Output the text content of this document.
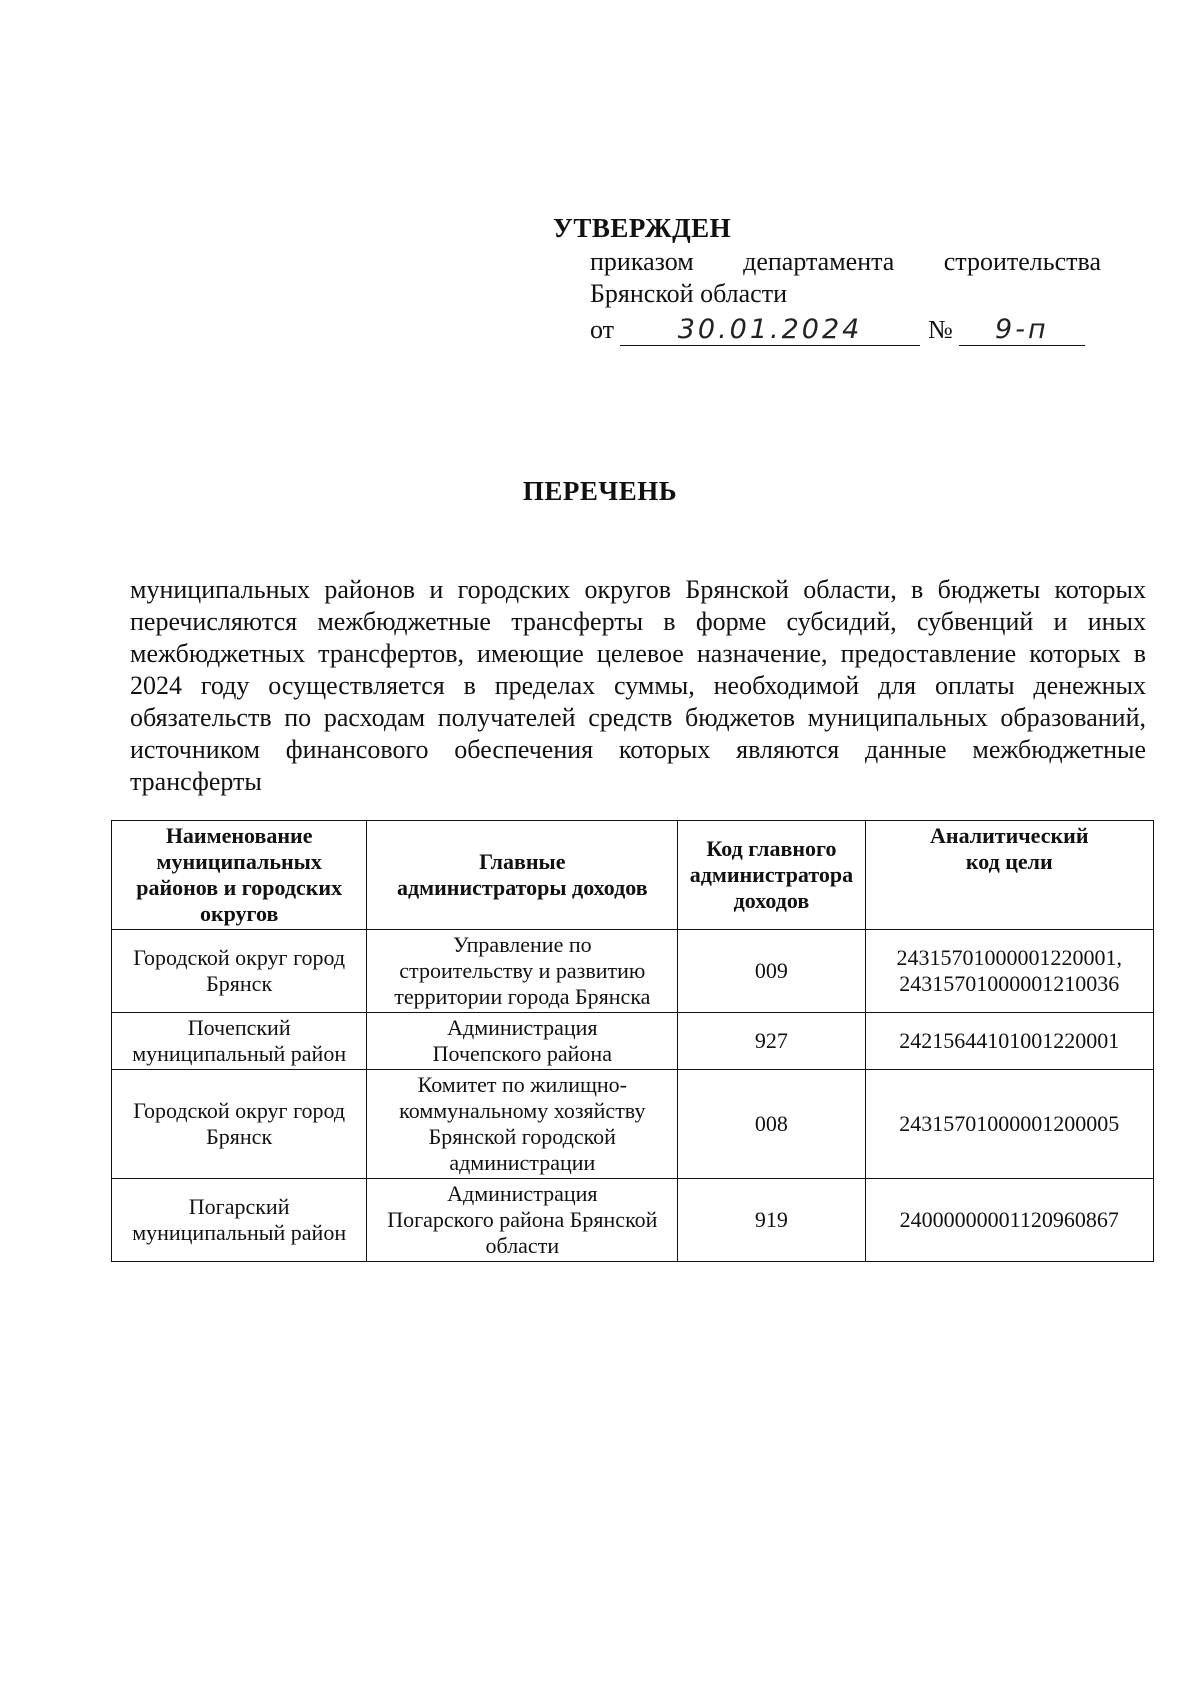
УТВЕРЖДЕН
приказом департамента строительства
Брянской области
от	30.01.2024	№	9-п
ПЕРЕЧЕНЬ
муниципальных районов и городских округов Брянской области, в бюджеты которых перечисляются межбюджетные трансферты в форме субсидий, субвенций и иных межбюджетных трансфертов, имеющие целевое назначение, предоставление которых в 2024 году осуществляется в пределах суммы, необходимой для оплаты денежных обязательств по расходам получателей средств бюджетов муниципальных образований, источником финансового обеспечения которых являются данные межбюджетные трансферты
Наименование
муниципальных
районов и городских
округов	Главные
администраторы доходов	Код главного
администратора
доходов	Аналитический
код цели

Городской округ город
Брянск	Управление по
строительству и развитию
территории города Брянска	009	24315701000001220001,
24315701000001210036

Почепский
муниципальный район	Администрация
Почепского района	927	24215644101001220001

Городской округ город
Брянск	Комитет по жилищно-
коммунальному хозяйству
Брянской городской
администрации	008	24315701000001200005

Погарский
муниципальный район	Администрация
Погарского района Брянской
области	919	24000000001120960867
